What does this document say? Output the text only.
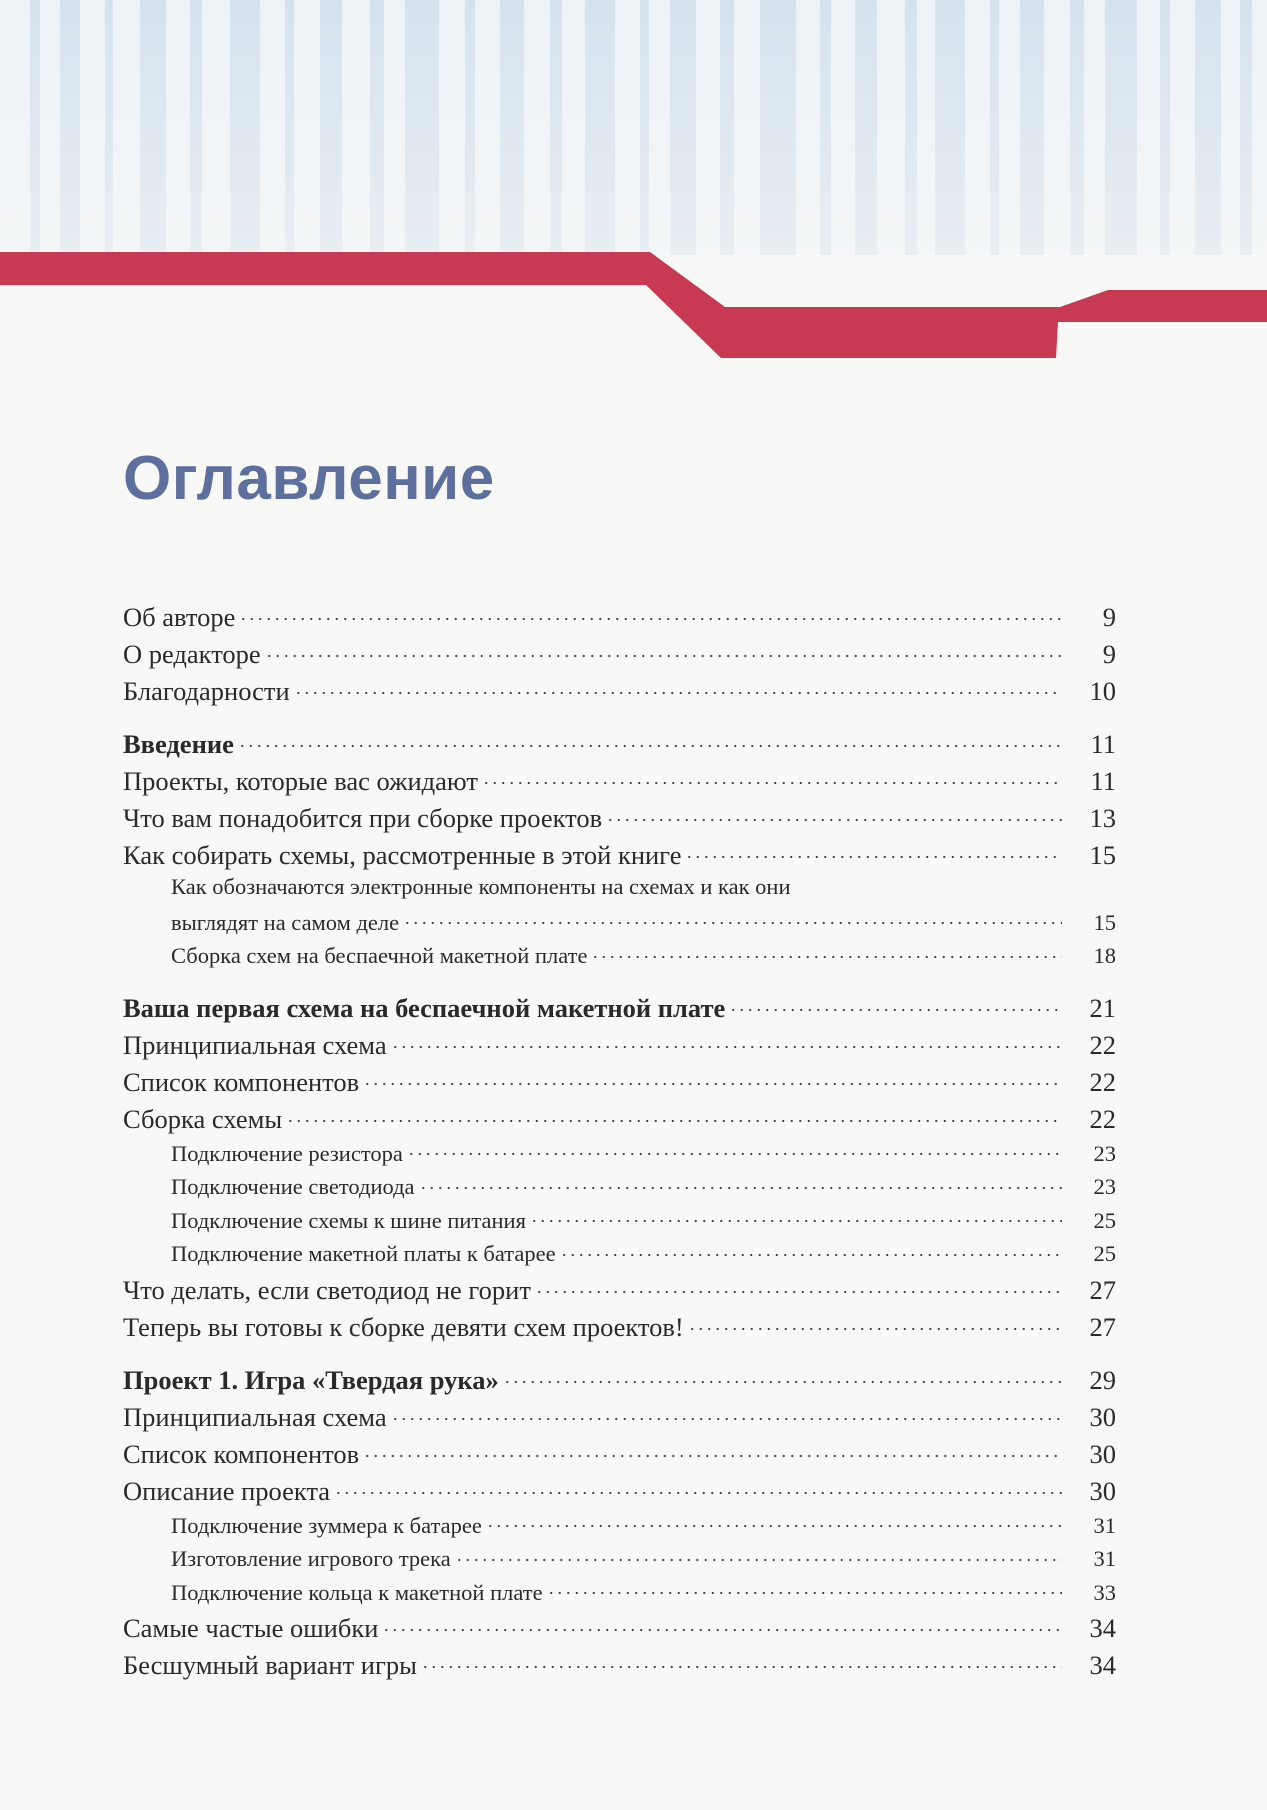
Оглавление
Об авторе	9
О редакторе	9
Благодарности	10
Введение	11
Проекты, которые вас ожидают	11
Что вам понадобится при сборке проектов	13
Как собирать схемы, рассмотренные в этой книге	15
Как обозначаются электронные компоненты на схемах и как они
выглядят на самом деле	15
Сборка схем на беспаечной макетной плате	18
Ваша первая схема на беспаечной макетной плате	21
Принципиальная схема	22
Список компонентов	22
Сборка схемы	22
Подключение резистора	23
Подключение светодиода	23
Подключение схемы к шине питания	25
Подключение макетной платы к батарее	25
Что делать, если светодиод не горит	27
Теперь вы готовы к сборке девяти схем проектов!	27
Проект 1. Игра «Твердая рука»	29
Принципиальная схема	30
Список компонентов	30
Описание проекта	30
Подключение зуммера к батарее	31
Изготовление игрового трека	31
Подключение кольца к макетной плате	33
Самые частые ошибки	34
Бесшумный вариант игры	34
